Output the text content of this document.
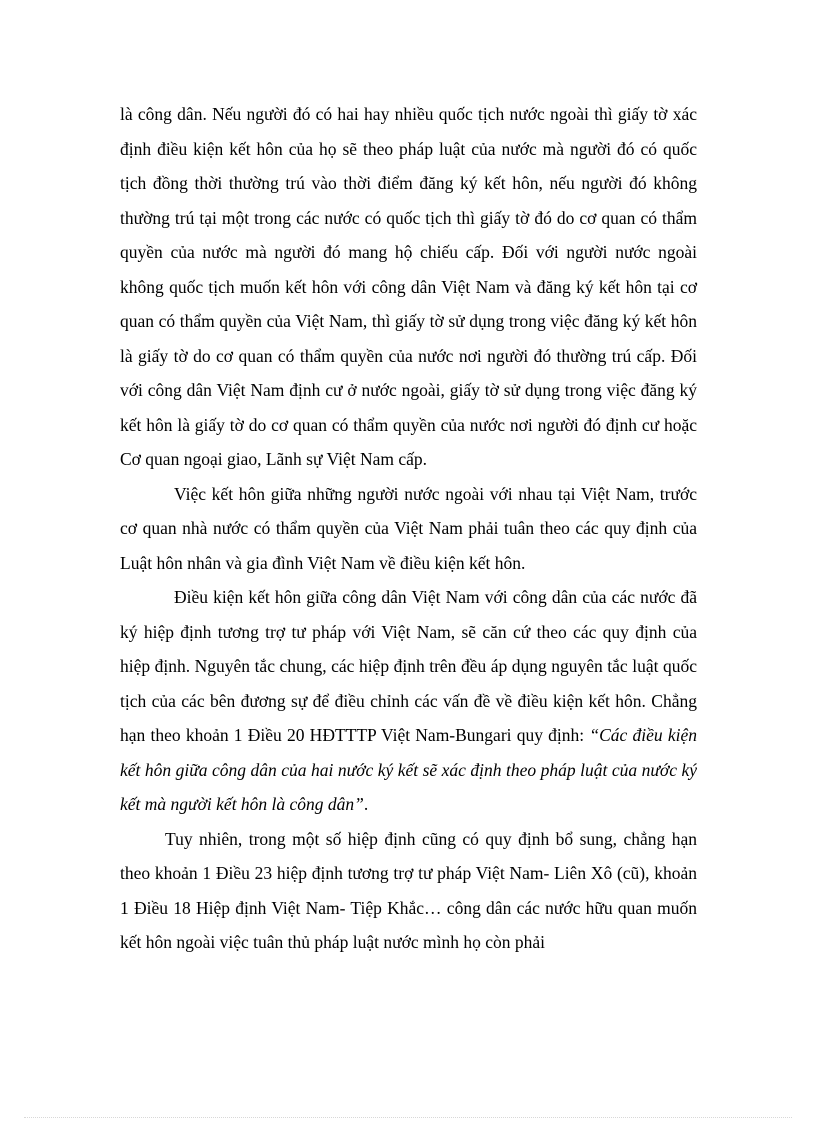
là công dân. Nếu người đó có hai hay nhiều quốc tịch nước ngoài thì giấy tờ xác định điều kiện kết hôn của họ sẽ theo pháp luật của nước mà người đó có quốc tịch đồng thời thường trú vào thời điểm đăng ký kết hôn, nếu người đó không thường trú tại một trong các nước có quốc tịch thì giấy tờ đó do cơ quan có thẩm quyền của nước mà người đó mang hộ chiếu cấp. Đối với người nước ngoài không quốc tịch muốn kết hôn với công dân Việt Nam và đăng ký kết hôn tại cơ quan có thẩm quyền của Việt Nam, thì giấy tờ sử dụng trong việc đăng ký kết hôn là giấy tờ do cơ quan có thẩm quyền của nước nơi người đó thường trú cấp. Đối với công dân Việt Nam định cư ở nước ngoài, giấy tờ sử dụng trong việc đăng ký kết hôn là giấy tờ do cơ quan có thẩm quyền của nước nơi người đó định cư hoặc Cơ quan ngoại giao, Lãnh sự Việt Nam cấp.

Việc kết hôn giữa những người nước ngoài với nhau tại Việt Nam, trước cơ quan nhà nước có thẩm quyền của Việt Nam phải tuân theo các quy định của Luật hôn nhân và gia đình Việt Nam về điều kiện kết hôn.

Điều kiện kết hôn giữa công dân Việt Nam với công dân của các nước đã ký hiệp định tương trợ tư pháp với Việt Nam, sẽ căn cứ theo các quy định của hiệp định. Nguyên tắc chung, các hiệp định trên đều áp dụng nguyên tắc luật quốc tịch của các bên đương sự để điều chỉnh các vấn đề về điều kiện kết hôn. Chẳng hạn theo khoản 1 Điều 20 HĐTTTP Việt Nam-Bungari quy định: “Các điều kiện kết hôn giữa công dân của hai nước ký kết sẽ xác định theo pháp luật của nước ký kết mà người kết hôn là công dân”.

Tuy nhiên, trong một số hiệp định cũng có quy định bổ sung, chẳng hạn theo khoản 1 Điều 23 hiệp định tương trợ tư pháp Việt Nam- Liên Xô (cũ), khoản 1 Điều 18 Hiệp định Việt Nam- Tiệp Khắc… công dân các nước hữu quan muốn kết hôn ngoài việc tuân thủ pháp luật nước mình họ còn phải
